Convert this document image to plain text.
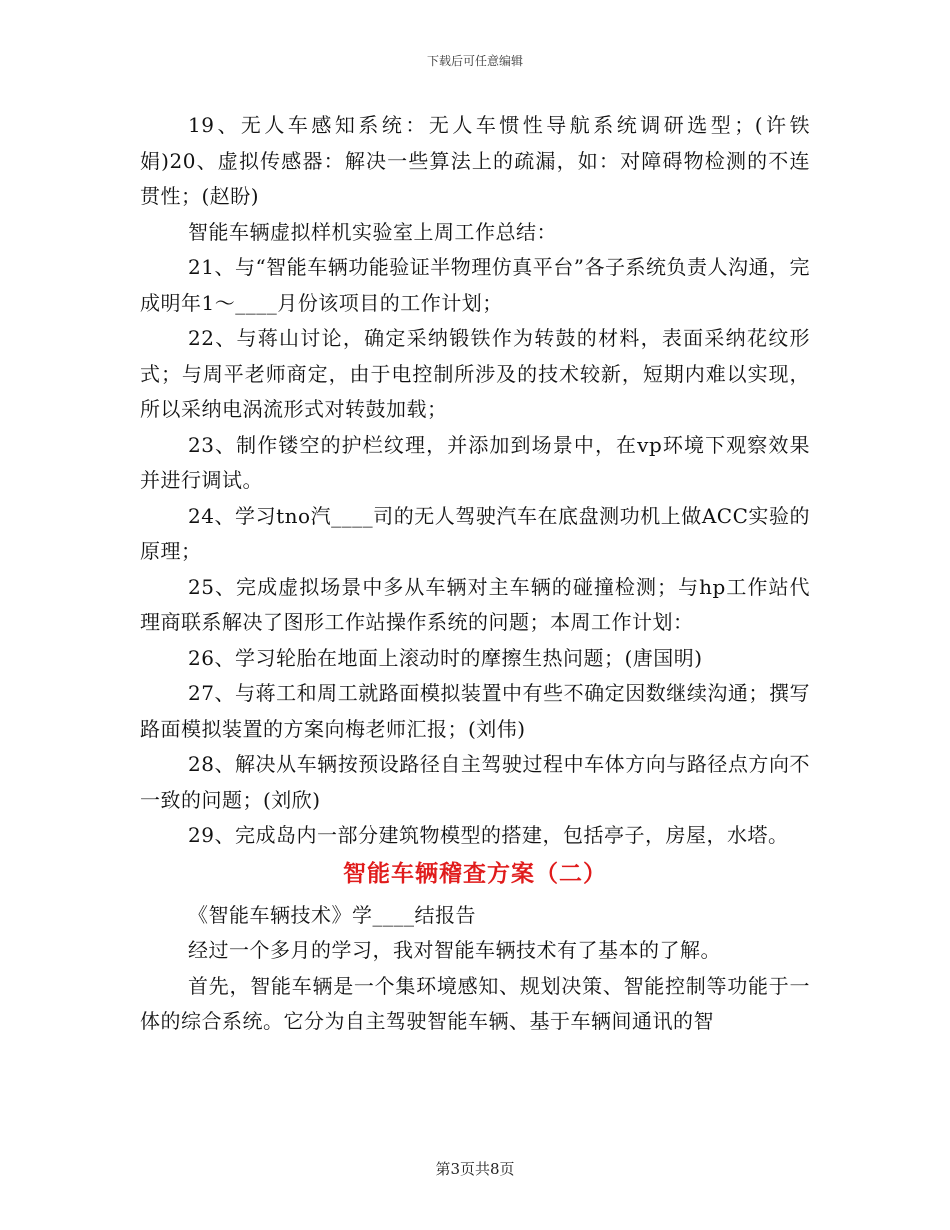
下载后可任意编辑

19、无人车感知系统：无人车惯性导航系统调研选型；(许铁娟)20、虚拟传感器：解决一些算法上的疏漏，如：对障碍物检测的不连贯性；(赵盼)

智能车辆虚拟样机实验室上周工作总结：

21、与“智能车辆功能验证半物理仿真平台”各子系统负责人沟通，完成明年1～____月份该项目的工作计划；

22、与蒋山讨论，确定采纳锻铁作为转鼓的材料，表面采纳花纹形式；与周平老师商定，由于电控制所涉及的技术较新，短期内难以实现，所以采纳电涡流形式对转鼓加载；

23、制作镂空的护栏纹理，并添加到场景中，在vp环境下观察效果并进行调试。

24、学习tno汽____司的无人驾驶汽车在底盘测功机上做ACC实验的原理；

25、完成虚拟场景中多从车辆对主车辆的碰撞检测；与hp工作站代理商联系解决了图形工作站操作系统的问题；本周工作计划：

26、学习轮胎在地面上滚动时的摩擦生热问题；(唐国明)

27、与蒋工和周工就路面模拟装置中有些不确定因数继续沟通；撰写路面模拟装置的方案向梅老师汇报；(刘伟)

28、解决从车辆按预设路径自主驾驶过程中车体方向与路径点方向不一致的问题；(刘欣)

29、完成岛内一部分建筑物模型的搭建，包括亭子，房屋，水塔。

智能车辆稽查方案（二）

《智能车辆技术》学____结报告

经过一个多月的学习，我对智能车辆技术有了基本的了解。

首先，智能车辆是一个集环境感知、规划决策、智能控制等功能于一体的综合系统。它分为自主驾驶智能车辆、基于车辆间通讯的智

第3页共8页
